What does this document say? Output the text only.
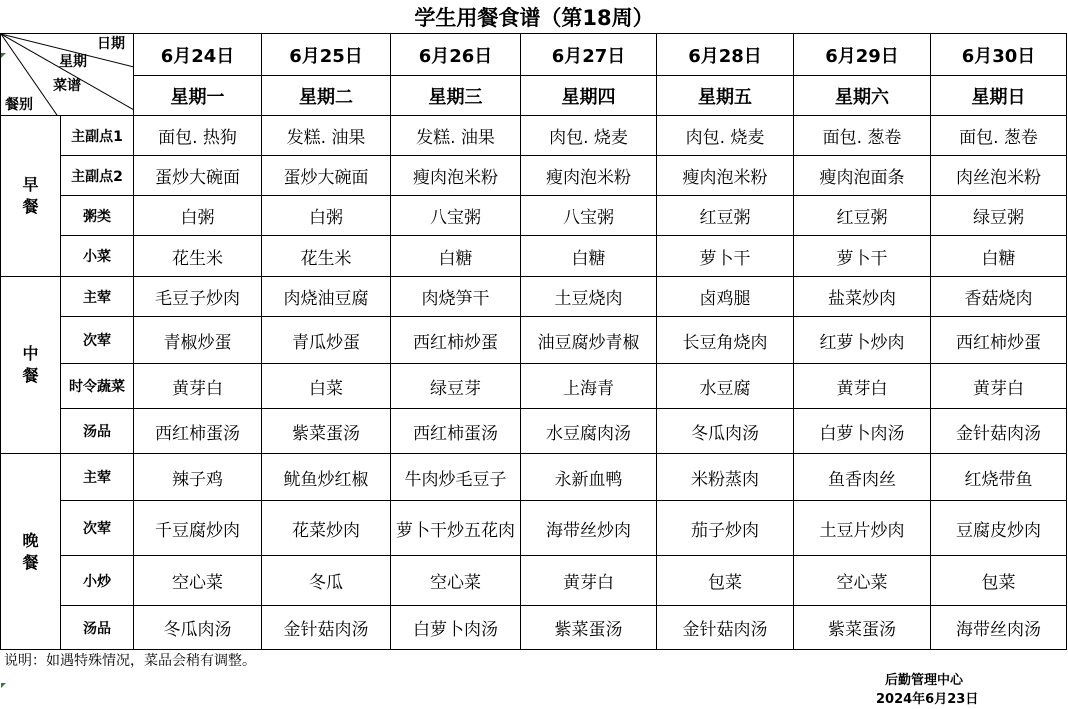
学生用餐食谱（第18周）
日期
星期
菜谱
餐别		6月24日	6月25日	6月26日	6月27日	6月28日	6月29日	6月30日
		星期一	星期二	星期三	星期四	星期五	星期六	星期日

早
餐	主副点1	面包. 热狗	发糕. 油果	发糕. 油果	肉包. 烧麦	肉包. 烧麦	面包. 葱卷	面包. 葱卷
	主副点2	蛋炒大碗面	蛋炒大碗面	瘦肉泡米粉	瘦肉泡米粉	瘦肉泡米粉	瘦肉泡面条	肉丝泡米粉
	粥类	白粥	白粥	八宝粥	八宝粥	红豆粥	红豆粥	绿豆粥
	小菜	花生米	花生米	白糖	白糖	萝卜干	萝卜干	白糖

中
餐	主荤	毛豆子炒肉	肉烧油豆腐	肉烧笋干	土豆烧肉	卤鸡腿	盐菜炒肉	香菇烧肉
	次荤	青椒炒蛋	青瓜炒蛋	西红柿炒蛋	油豆腐炒青椒	长豆角烧肉	红萝卜炒肉	西红柿炒蛋
	时令蔬菜	黄芽白	白菜	绿豆芽	上海青	水豆腐	黄芽白	黄芽白
	汤品	西红柿蛋汤	紫菜蛋汤	西红柿蛋汤	水豆腐肉汤	冬瓜肉汤	白萝卜肉汤	金针菇肉汤

晚
餐	主荤	辣子鸡	鱿鱼炒红椒	牛肉炒毛豆子	永新血鸭	米粉蒸肉	鱼香肉丝	红烧带鱼
	次荤	千豆腐炒肉	花菜炒肉	萝卜干炒五花肉	海带丝炒肉	茄子炒肉	土豆片炒肉	豆腐皮炒肉
	小炒	空心菜	冬瓜	空心菜	黄芽白	包菜	空心菜	包菜
	汤品	冬瓜肉汤	金针菇肉汤	白萝卜肉汤	紫菜蛋汤	金针菇肉汤	紫菜蛋汤	海带丝肉汤
说明：如遇特殊情况，菜品会稍有调整。
后勤管理中心
2024年6月23日
